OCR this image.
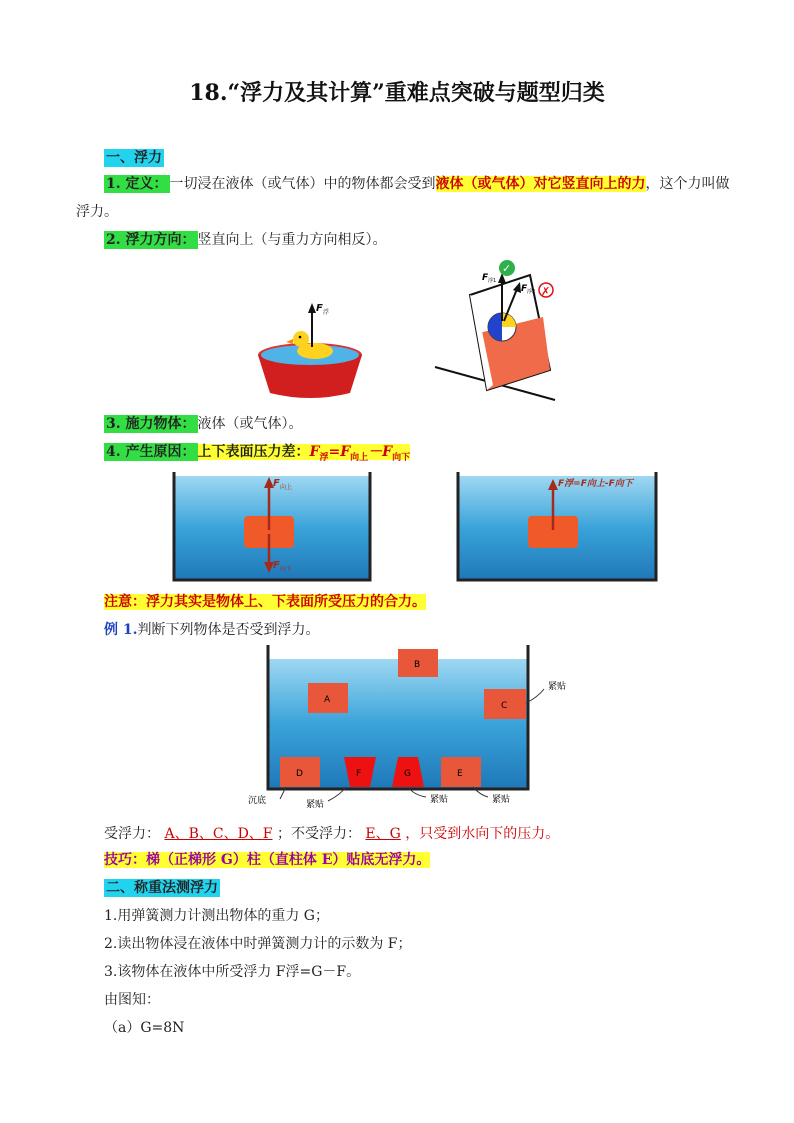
18.“浮力及其计算”重难点突破与题型归类
一、浮力
1. 定义： 一切浸在液体（或气体）中的物体都会受到液体（或气体）对它竖直向上的力，这个力叫做
浮力。
2. 浮力方向： 竖直向上（与重力方向相反）。
F 浮
F 浮1
✓
F 浮2 ✗
3. 施力物体： 液体（或气体）。
4. 产生原因： 上下表面压力差：$F_浮=F_{向上}-F_{向下}$
F 向上
F 向下
F浮=F向上-F向下
注意：浮力其实是物体上、下表面所受压力的合力。
例 1.判断下列物体是否受到浮力。
B
A
C
D	F	G	E
紧贴
沉底	紧贴	紧贴	紧贴
受浮力： A、B、C、D、F ；不受浮力： E、G ，只受到水向下的压力。
技巧：梯（正梯形 G）柱（直柱体 E）贴底无浮力。
二、称重法测浮力
1.用弹簧测力计测出物体的重力 G；
2.读出物体浸在液体中时弹簧测力计的示数为 F；
3.该物体在液体中所受浮力 F浮=G－F。
由图知：
（a）G=8N
